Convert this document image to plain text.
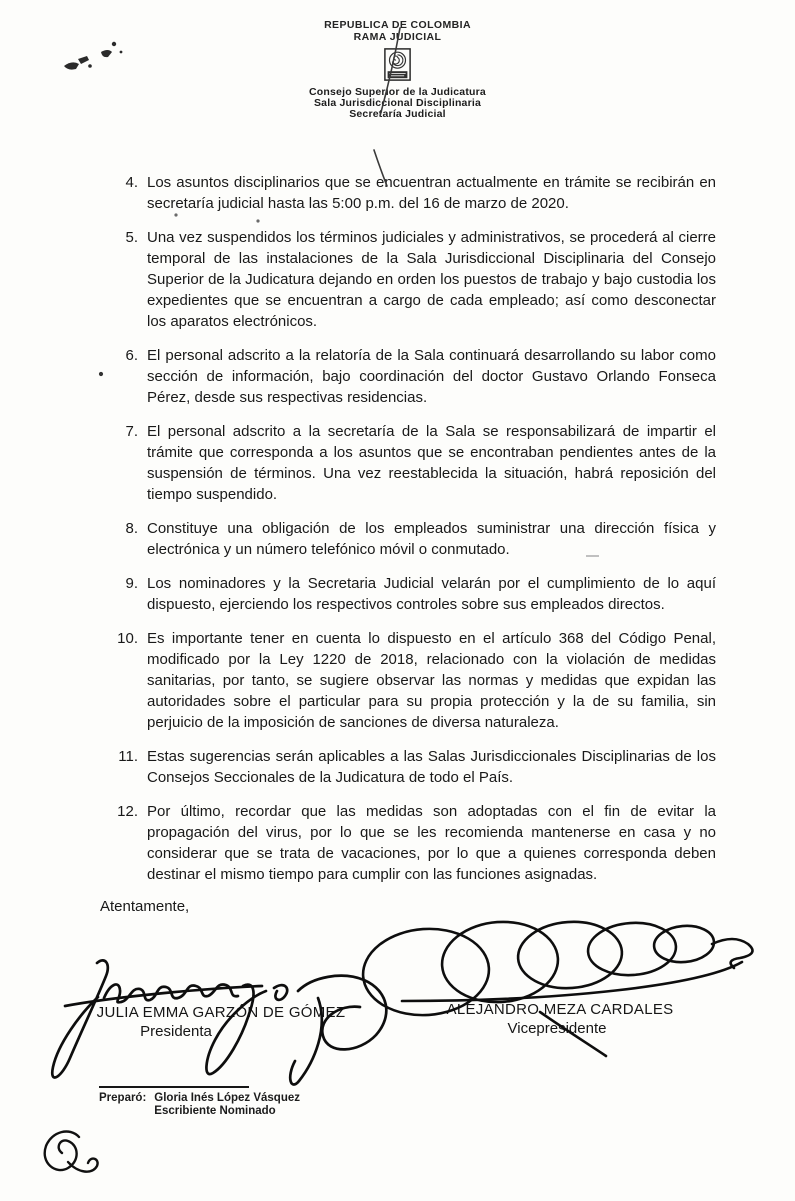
REPUBLICA DE COLOMBIA
RAMA JUDICIAL
Consejo Superior de la Judicatura
Sala Jurisdiccional Disciplinaria
Secretaría Judicial
4. Los asuntos disciplinarios que se encuentran actualmente en trámite se recibirán en secretaría judicial hasta las 5:00 p.m. del 16 de marzo de 2020.
5. Una vez suspendidos los términos judiciales y administrativos, se procederá al cierre temporal de las instalaciones de la Sala Jurisdiccional Disciplinaria del Consejo Superior de la Judicatura dejando en orden los puestos de trabajo y bajo custodia los expedientes que se encuentran a cargo de cada empleado; así como desconectar los aparatos electrónicos.
6. El personal adscrito a la relatoría de la Sala continuará desarrollando su labor como sección de información, bajo coordinación del doctor Gustavo Orlando Fonseca Pérez, desde sus respectivas residencias.
7. El personal adscrito a la secretaría de la Sala se responsabilizará de impartir el trámite que corresponda a los asuntos que se encontraban pendientes antes de la suspensión de términos. Una vez reestablecida la situación, habrá reposición del tiempo suspendido.
8. Constituye una obligación de los empleados suministrar una dirección física y electrónica y un número telefónico móvil o conmutado.
9. Los nominadores y la Secretaria Judicial velarán por el cumplimiento de lo aquí dispuesto, ejerciendo los respectivos controles sobre sus empleados directos.
10. Es importante tener en cuenta lo dispuesto en el artículo 368 del Código Penal, modificado por la Ley 1220 de 2018, relacionado con la violación de medidas sanitarias, por tanto, se sugiere observar las normas y medidas que expidan las autoridades sobre el particular para su propia protección y la de su familia, sin perjuicio de la imposición de sanciones de diversa naturaleza.
11. Estas sugerencias serán aplicables a las Salas Jurisdiccionales Disciplinarias de los Consejos Seccionales de la Judicatura de todo el País.
12. Por último, recordar que las medidas son adoptadas con el fin de evitar la propagación del virus, por lo que se les recomienda mantenerse en casa y no considerar que se trata de vacaciones, por lo que a quienes corresponda deben destinar el mismo tiempo para cumplir con las funciones asignadas.
Atentamente,
JULIA EMMA GARZÓN DE GÓMEZ
Presidenta
ALEJANDRO MEZA CARDALES
Vicepresidente
Preparó: Gloria Inés López Vásquez
Escribiente Nominado
